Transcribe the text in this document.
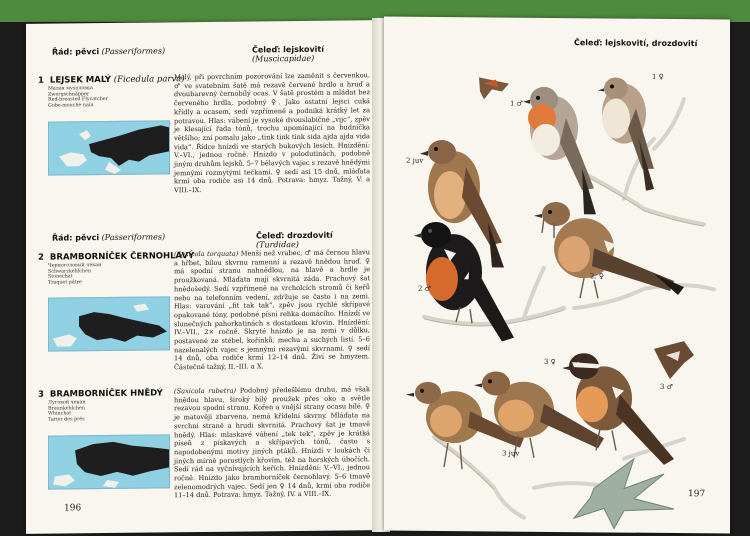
Řád: pěvci (Passeriformes)	Čeleď: lejskovití (Muscicapidae)
1 LEJSEK MALÝ (Ficedula parva)
Малая мухоловка
Zwergschnäpper
Red-breasted Flycatcher
Gobe-mouche nain
Malý, při povrchním pozorování lze zaměnit s červenkou. ♂ ve svatebním šatě má rezavě červené hrdlo a hruď a dvoubarevný černobílý ocas. V šatě prostém a mládat bez červeného hrdla, podobný ♀. Jako ostatní lejsci cuká křídly a ocasem, sedí vzpřímeně a podniká krátký let za potravou. Hlas: vábení je vysoké dvouslabičné „vijc“, zpěv je klesající řada tónů, trochu upomínající na budníčka většího; zní pomalu jako „tink tink tink sida ajda ajda vida vida“. Řídce hnízdí ve starých bukových lesích. Hnízdění: V.–VI., jednou ročně. Hnízdo v polodutinách, podobně jiným druhům lejsků. 5–7 bělavých vajec s rezavě hnědými jemnými rozmytými tečkami. ♀ sedí asi 15 dnů, mláďata krmí oba rodiče asi 14 dnů. Potrava: hmyz. Tažný, V. a VIII.–IX.
Řád: pěvci (Passeriformes)	Čeleď: drozdovití (Turdidae)
2 BRAMBORNÍČEK ČERNOHLAVÝ
Черноголовый чекан
Schwarzkehlchen
Stonechat
Traquet pâtre
(Saxicola torquata) Menší než vrabec, ♂ má černou hlavu a hřbet, bílou skvrnu ramenní a rezavě hnědou hruď. ♀ má spodní stranu nahnědlou, na hlavě a hrdle je proužkovaná. Mláďata mají skvrnitá záda. Prachový šat hnědošedý. Sedí vzpřímeně na vrcholcích stromů či keřů nebo na telefonním vedení, zdržuje se často i na zemi. Hlas: varování „fit tak tak“, zpěv jsou rychlé skřípavé opakované tóny, podobné písni rehka domácího. Hnízdí ve slunečných pahorkatinách s dostatkem křovin. Hnízdění: IV.–VII., 2× ročně. Skryté hnízdo je na zemi v důlku, postavené ze stébel, kořínků, mechu a suchých listí. 5–6 nazelenalých vajec s jemnými rezavými skvrnami. ♀ sedí 14 dnů, oba rodiče krmí 12–14 dnů. Živí se hmyzem. Částečně tažný, II.–III. a X.
3 BRAMBORNÍČEK HNĚDÝ
Луговой чекан
Braunkehlchen
Whinchat
Tarier des prés
(Saxicola rubetra) Podobný předešlému druhu, má však hnědou hlavu, široký bílý proužek přes oko a světle rezavou spodní stranu. Kořen a vnější strany ocasu bílé. ♀ je matověji zbarvena, nemá křídelní skvrny. Mláďata na svrchní straně a hrudi skvrnitá. Prachový šat je tmavě hnědý. Hlas: mlaskavé vábení „tek tek“, zpěv je krátká píseň z pískavých a skřípavých tónů, často s napodobenými motivy jiných ptáků. Hnízdí v loukách či jiných mírně porostlých křovím, též na horských úbočích. Sedí rád na vyčnívajících keřích. Hnízdění: V.–VI., jednou ročně. Hnízdo jako bramborníček černohlavý. 5–6 tmavě zelenomodrých vajec. Sedí jen ♀ 14 dnů, krmí oba rodiče 11–14 dnů. Potrava: hmyz. Tažný, IV. a VIII.–IX.
196
Čeleď: lejskovití, drozdovití
1 ♀
1 ♂
2 juv
2 ♂
2. ♀
3 ♀
3 ♂
3 juv
197
